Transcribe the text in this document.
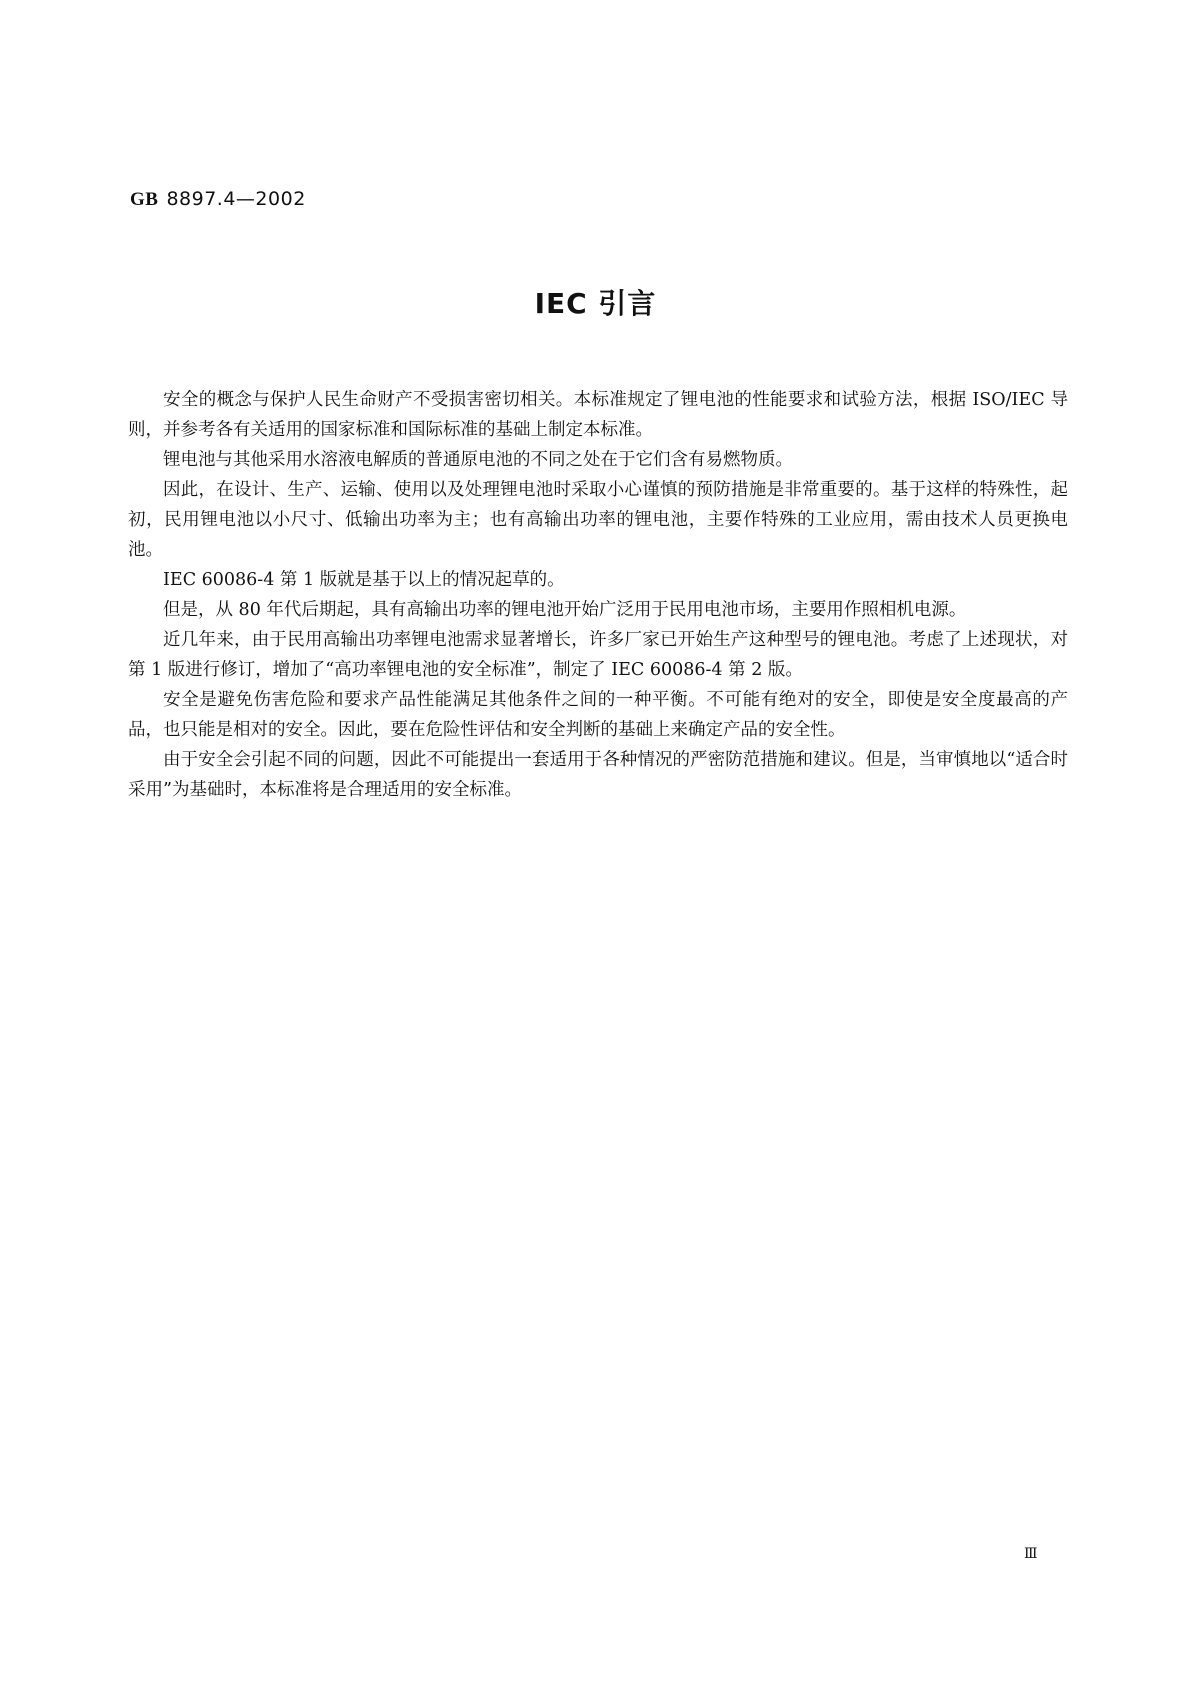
GB 8897.4—2002
IEC 引言

安全的概念与保护人民生命财产不受损害密切相关。本标准规定了锂电池的性能要求和试验方法，根据 ISO/IEC 导则，并参考各有关适用的国家标准和国际标准的基础上制定本标准。

锂电池与其他采用水溶液电解质的普通原电池的不同之处在于它们含有易燃物质。

因此，在设计、生产、运输、使用以及处理锂电池时采取小心谨慎的预防措施是非常重要的。基于这样的特殊性，起初，民用锂电池以小尺寸、低输出功率为主；也有高输出功率的锂电池，主要作特殊的工业应用，需由技术人员更换电池。

IEC 60086-4 第 1 版就是基于以上的情况起草的。

但是，从 80 年代后期起，具有高输出功率的锂电池开始广泛用于民用电池市场，主要用作照相机电源。

近几年来，由于民用高输出功率锂电池需求显著增长，许多厂家已开始生产这种型号的锂电池。考虑了上述现状，对第 1 版进行修订，增加了“高功率锂电池的安全标准”，制定了 IEC 60086-4 第 2 版。

安全是避免伤害危险和要求产品性能满足其他条件之间的一种平衡。不可能有绝对的安全，即使是安全度最高的产品，也只能是相对的安全。因此，要在危险性评估和安全判断的基础上来确定产品的安全性。

由于安全会引起不同的问题，因此不可能提出一套适用于各种情况的严密防范措施和建议。但是，当审慎地以“适合时采用”为基础时，本标准将是合理适用的安全标准。

Ⅲ
